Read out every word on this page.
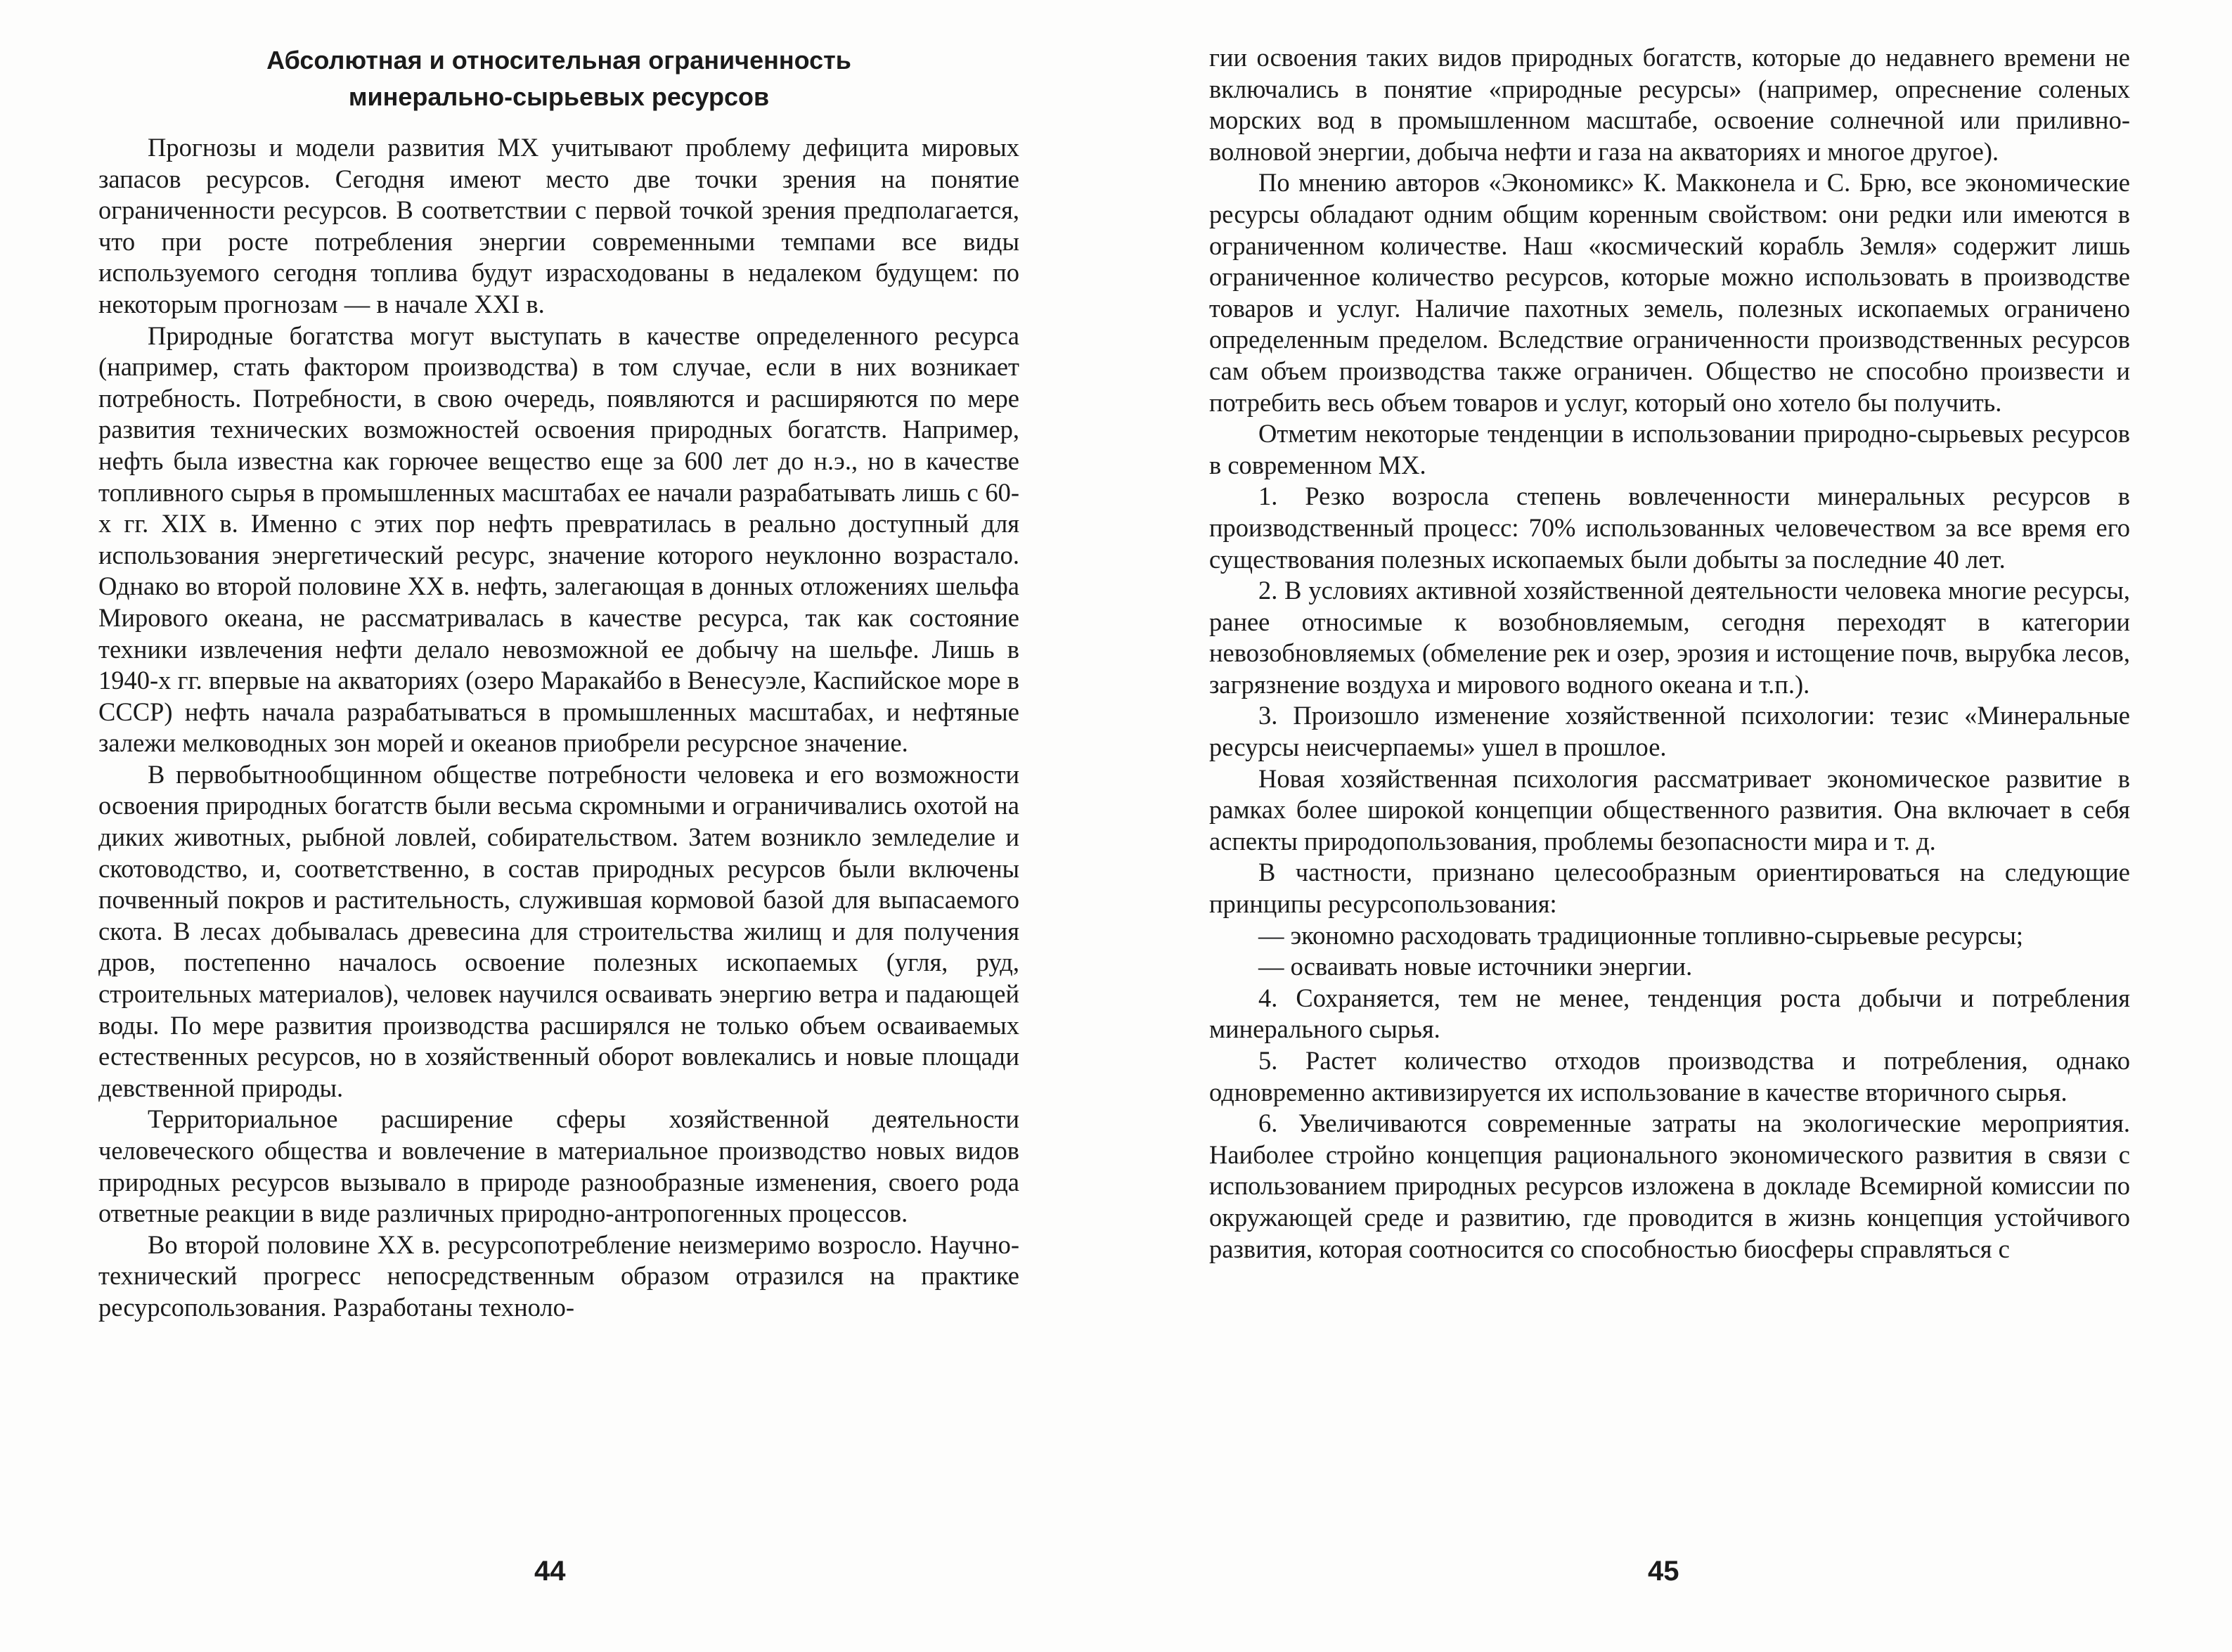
Абсолютная и относительная ограниченность
минерально-сырьевых ресурсов

Прогнозы и модели развития МХ учитывают проблему дефицита мировых запасов ресурсов. Сегодня имеют место две точки зрения на понятие ограниченности ресурсов. В соответствии с первой точкой зрения предполагается, что при росте потребления энергии современными темпами все виды используемого сегодня топлива будут израсходованы в недалеком будущем: по некоторым прогнозам — в начале XXI в.

Природные богатства могут выступать в качестве определенного ресурса (например, стать фактором производства) в том случае, если в них возникает потребность. Потребности, в свою очередь, появляются и расширяются по мере развития технических возможностей освоения природных богатств. Например, нефть была известна как горючее вещество еще за 600 лет до н.э., но в качестве топливного сырья в промышленных масштабах ее начали разрабатывать лишь с 60-х гг. XIX в. Именно с этих пор нефть превратилась в реально доступный для использования энергетический ресурс, значение которого неуклонно возрастало. Однако во второй половине XX в. нефть, залегающая в донных отложениях шельфа Мирового океана, не рассматривалась в качестве ресурса, так как состояние техники извлечения нефти делало невозможной ее добычу на шельфе. Лишь в 1940-х гг. впервые на акваториях (озеро Маракайбо в Венесуэле, Каспийское море в СССР) нефть начала разрабатываться в промышленных масштабах, и нефтяные залежи мелководных зон морей и океанов приобрели ресурсное значение.

В первобытнообщинном обществе потребности человека и его возможности освоения природных богатств были весьма скромными и ограничивались охотой на диких животных, рыбной ловлей, собирательством. Затем возникло земледелие и скотоводство, и, соответственно, в состав природных ресурсов были включены почвенный покров и растительность, служившая кормовой базой для выпасаемого скота. В лесах добывалась древесина для строительства жилищ и для получения дров, постепенно началось освоение полезных ископаемых (угля, руд, строительных материалов), человек научился осваивать энергию ветра и падающей воды. По мере развития производства расширялся не только объем осваиваемых естественных ресурсов, но в хозяйственный оборот вовлекались и новые площади девственной природы.

Территориальное расширение сферы хозяйственной деятельности человеческого общества и вовлечение в материальное производство новых видов природных ресурсов вызывало в природе разнообразные изменения, своего рода ответные реакции в виде различных природно-антропогенных процессов.

Во второй половине XX в. ресурсопотребление неизмеримо возросло. Научно-технический прогресс непосредственным образом отразился на практике ресурсопользования. Разработаны техноло-

44

гии освоения таких видов природных богатств, которые до недавнего времени не включались в понятие «природные ресурсы» (например, опреснение соленых морских вод в промышленном масштабе, освоение солнечной или приливно-волновой энергии, добыча нефти и газа на акваториях и многое другое).

По мнению авторов «Экономикс» К. Макконела и С. Брю, все экономические ресурсы обладают одним общим коренным свойством: они редки или имеются в ограниченном количестве. Наш «космический корабль Земля» содержит лишь ограниченное количество ресурсов, которые можно использовать в производстве товаров и услуг. Наличие пахотных земель, полезных ископаемых ограничено определенным пределом. Вследствие ограниченности производственных ресурсов сам объем производства также ограничен. Общество не способно произвести и потребить весь объем товаров и услуг, который оно хотело бы получить.

Отметим некоторые тенденции в использовании природно-сырьевых ресурсов в современном МХ.

1. Резко возросла степень вовлеченности минеральных ресурсов в производственный процесс: 70% использованных человечеством за все время его существования полезных ископаемых были добыты за последние 40 лет.

2. В условиях активной хозяйственной деятельности человека многие ресурсы, ранее относимые к возобновляемым, сегодня переходят в категории невозобновляемых (обмеление рек и озер, эрозия и истощение почв, вырубка лесов, загрязнение воздуха и мирового водного океана и т.п.).

3. Произошло изменение хозяйственной психологии: тезис «Минеральные ресурсы неисчерпаемы» ушел в прошлое.

Новая хозяйственная психология рассматривает экономическое развитие в рамках более широкой концепции общественного развития. Она включает в себя аспекты природопользования, проблемы безопасности мира и т. д.

В частности, признано целесообразным ориентироваться на следующие принципы ресурсопользования:

— экономно расходовать традиционные топливно-сырьевые ресурсы;

— осваивать новые источники энергии.

4. Сохраняется, тем не менее, тенденция роста добычи и потребления минерального сырья.

5. Растет количество отходов производства и потребления, однако одновременно активизируется их использование в качестве вторичного сырья.

6. Увеличиваются современные затраты на экологические мероприятия. Наиболее стройно концепция рационального экономического развития в связи с использованием природных ресурсов изложена в докладе Всемирной комиссии по окружающей среде и развитию, где проводится в жизнь концепция устойчивого развития, которая соотносится со способностью биосферы справляться с

45
